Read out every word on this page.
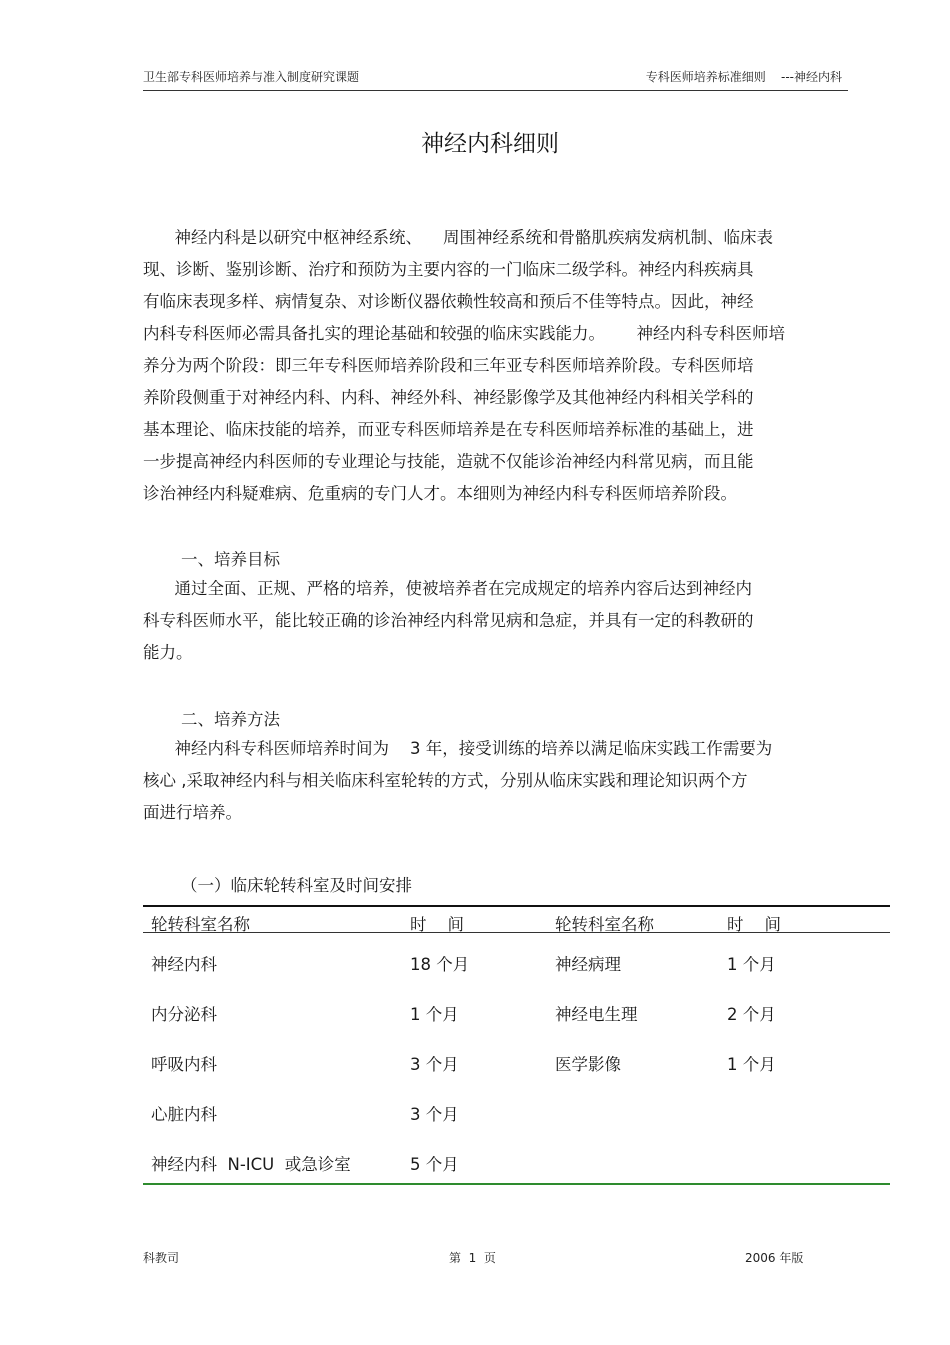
卫生部专科医师培养与准入制度研究课题	专科医师培养标准细则    ---神经内科
神经内科细则
神经内科是以研究中枢神经系统、    周围神经系统和骨骼肌疾病发病机制、临床表
现、诊断、鉴别诊断、治疗和预防为主要内容的一门临床二级学科。神经内科疾病具
有临床表现多样、病情复杂、对诊断仪器依赖性较高和预后不佳等特点。因此，神经
内科专科医师必需具备扎实的理论基础和较强的临床实践能力。      神经内科专科医师培
养分为两个阶段：即三年专科医师培养阶段和三年亚专科医师培养阶段。专科医师培
养阶段侧重于对神经内科、内科、神经外科、神经影像学及其他神经内科相关学科的
基本理论、临床技能的培养，而亚专科医师培养是在专科医师培养标准的基础上，进
一步提高神经内科医师的专业理论与技能，造就不仅能诊治神经内科常见病，而且能
诊治神经内科疑难病、危重病的专门人才。本细则为神经内科专科医师培养阶段。
一、培养目标
通过全面、正规、严格的培养，使被培养者在完成规定的培养内容后达到神经内
科专科医师水平，能比较正确的诊治神经内科常见病和急症，并具有一定的科教研的
能力。
二、培养方法
神经内科专科医师培养时间为    3 年，接受训练的培养以满足临床实践工作需要为
核心 ,采取神经内科与相关临床科室轮转的方式，分别从临床实践和理论知识两个方
面进行培养。
（一）临床轮转科室及时间安排
轮转科室名称	时    间	轮转科室名称	时    间
神经内科	18 个月	神经病理	1 个月
内分泌科	1 个月	神经电生理	2 个月
呼吸内科	3 个月	医学影像	1 个月
心脏内科	3 个月
神经内科  N-ICU  或急诊室	5 个月
科教司	第  1  页	2006 年版
